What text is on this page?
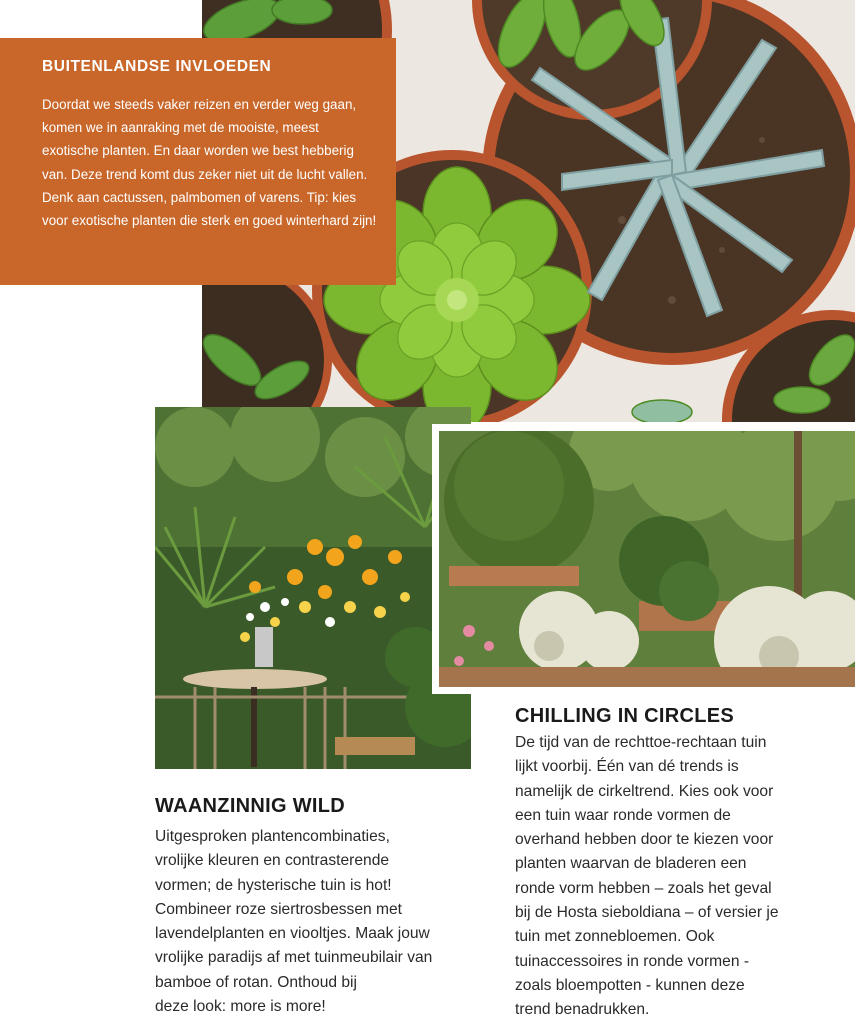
BUITENLANDSE INVLOEDEN

Doordat we steeds vaker reizen en verder weg gaan, komen we in aanraking met de mooiste, meest exotische planten. En daar worden we best hebberig van. Deze trend komt dus zeker niet uit de lucht vallen. Denk aan cactussen, palmbomen of varens. Tip: kies voor exotische planten die sterk en goed winterhard zijn!

WAANZINNIG WILD
Uitgesproken plantencombinaties,
vrolijke kleuren en contrasterende
vormen; de hysterische tuin is hot!
Combineer roze siertrosbessen met
lavendelplanten en viooltjes. Maak jouw
vrolijke paradijs af met tuinmeubilair van
bamboe of rotan. Onthoud bij
deze look: more is more!
CHILLING IN CIRCLES
De tijd van de rechttoe-rechtaan tuin
lijkt voorbij. Één van dé trends is
namelijk de cirkeltrend. Kies ook voor
een tuin waar ronde vormen de
overhand hebben door te kiezen voor
planten waarvan de bladeren een
ronde vorm hebben – zoals het geval
bij de Hosta sieboldiana – of versier je
tuin met zonnebloemen. Ook
tuinaccessoires in ronde vormen -
zoals bloempotten - kunnen deze
trend benadrukken.
